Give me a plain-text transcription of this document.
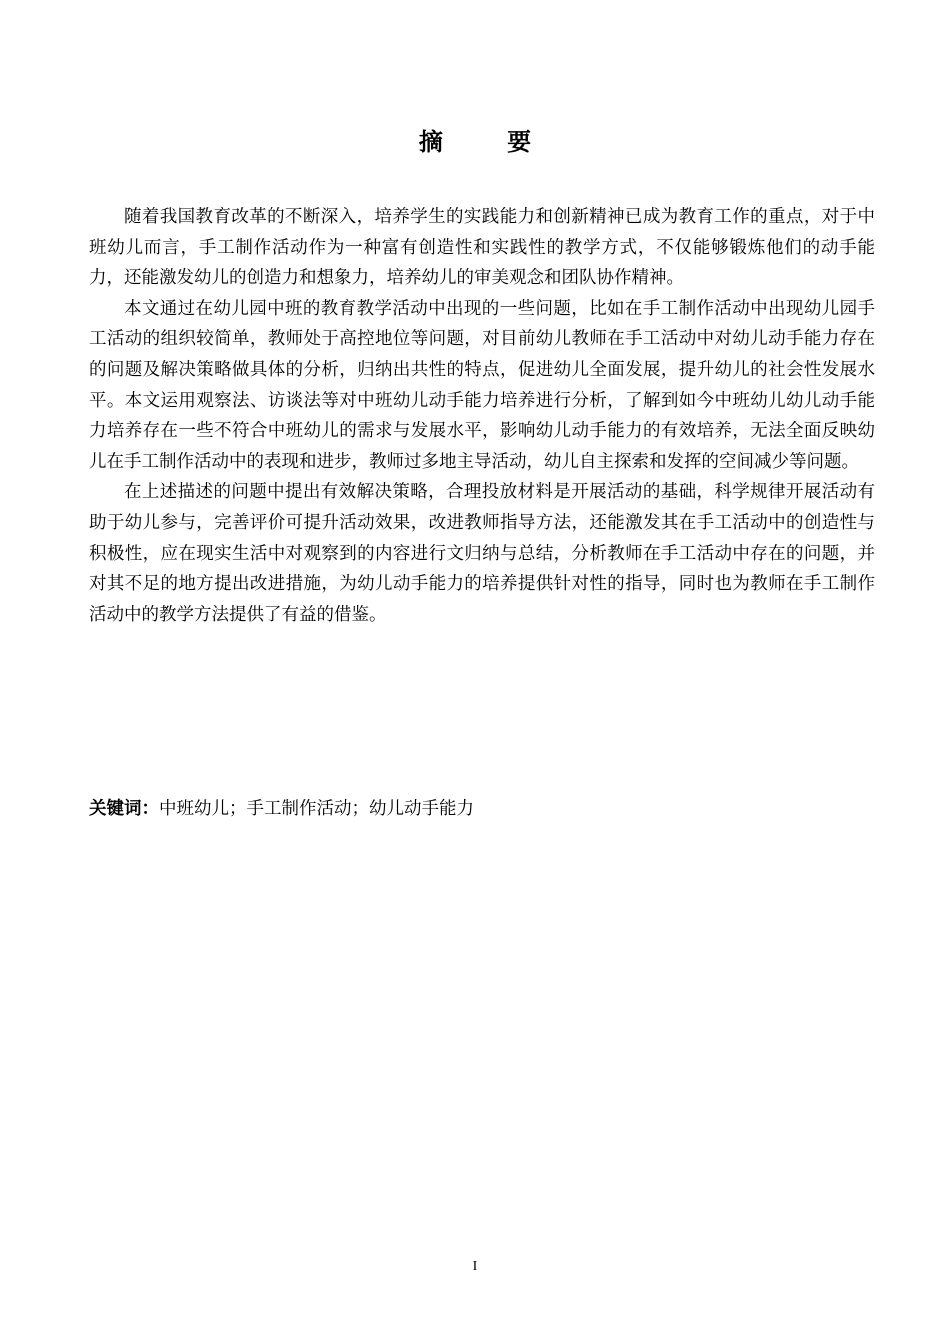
摘 要

随着我国教育改革的不断深入，培养学生的实践能力和创新精神已成为教育工作的重点，对于中班幼儿而言，手工制作活动作为一种富有创造性和实践性的教学方式，不仅能够锻炼他们的动手能力，还能激发幼儿的创造力和想象力，培养幼儿的审美观念和团队协作精神。

本文通过在幼儿园中班的教育教学活动中出现的一些问题，比如在手工制作活动中出现幼儿园手工活动的组织较简单，教师处于高控地位等问题，对目前幼儿教师在手工活动中对幼儿动手能力存在的问题及解决策略做具体的分析，归纳出共性的特点，促进幼儿全面发展，提升幼儿的社会性发展水平。本文运用观察法、访谈法等对中班幼儿动手能力培养进行分析，了解到如今中班幼儿幼儿动手能力培养存在一些不符合中班幼儿的需求与发展水平，影响幼儿动手能力的有效培养，无法全面反映幼儿在手工制作活动中的表现和进步，教师过多地主导活动，幼儿自主探索和发挥的空间减少等问题。

在上述描述的问题中提出有效解决策略，合理投放材料是开展活动的基础，科学规律开展活动有助于幼儿参与，完善评价可提升活动效果，改进教师指导方法，还能激发其在手工活动中的创造性与积极性，应在现实生活中对观察到的内容进行文归纳与总结，分析教师在手工活动中存在的问题，并对其不足的地方提出改进措施，为幼儿动手能力的培养提供针对性的指导，同时也为教师在手工制作活动中的教学方法提供了有益的借鉴。

关键词：中班幼儿；手工制作活动；幼儿动手能力
I
